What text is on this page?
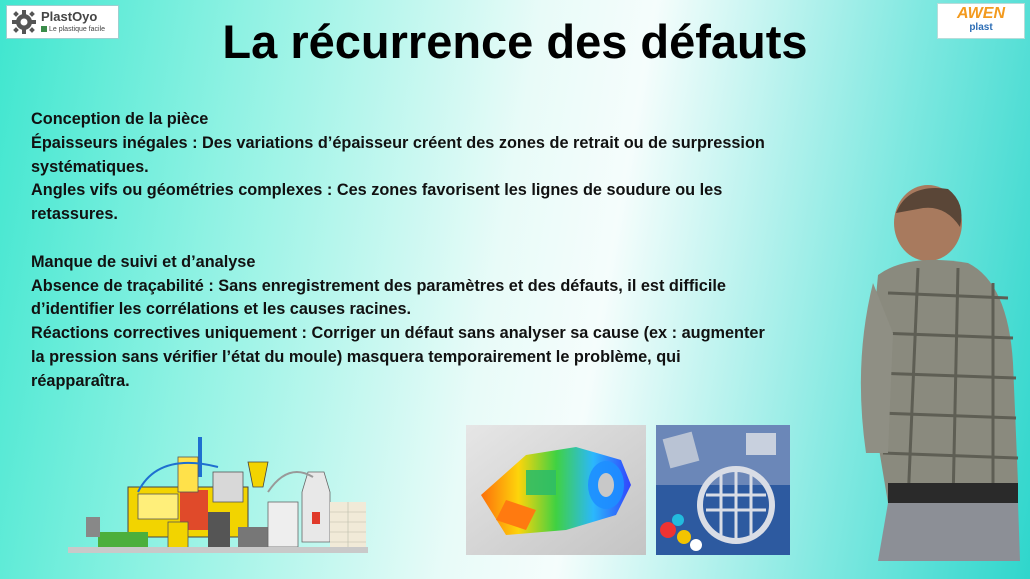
PlastOyo
Le plastique facile	La récurrence des défauts
AWEN
plast

Conception de la pièce

Épaisseurs inégales : Des variations d’épaisseur créent des zones de retrait ou de surpression

systématiques.

Angles vifs ou géométries complexes : Ces zones favorisent les lignes de soudure ou les

retassures.

Manque de suivi et d’analyse

Absence de traçabilité : Sans enregistrement des paramètres et des défauts, il est difficile

d’identifier les corrélations et les causes racines.

Réactions correctives uniquement : Corriger un défaut sans analyser sa cause (ex : augmenter

la pression sans vérifier l’état du moule) masquera temporairement le problème, qui

réapparaîtra.
